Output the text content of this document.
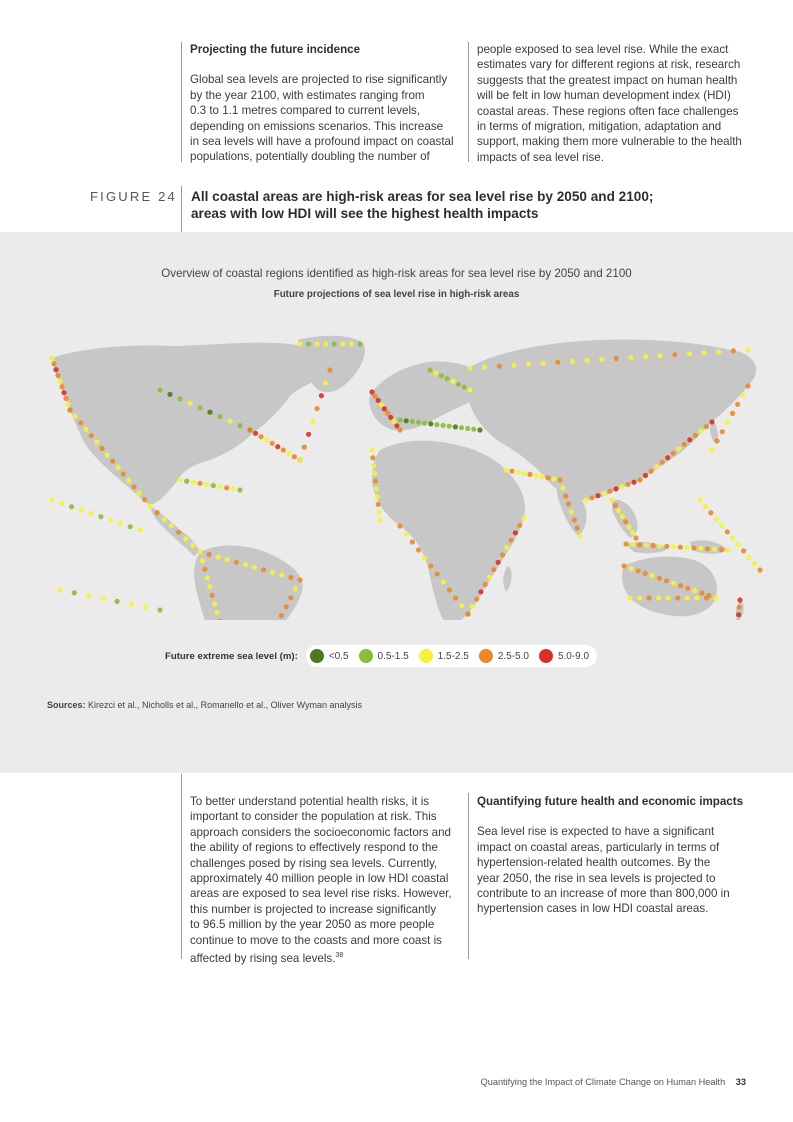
Projecting the future incidence

Global sea levels are projected to rise significantly
by the year 2100, with estimates ranging from
0.3 to 1.1 metres compared to current levels,
depending on emissions scenarios. This increase
in sea levels will have a profound impact on coastal
populations, potentially doubling the number of
people exposed to sea level rise. While the exact
estimates vary for different regions at risk, research
suggests that the greatest impact on human health
will be felt in low human development index (HDI)
coastal areas. These regions often face challenges
in terms of migration, mitigation, adaptation and
support, making them more vulnerable to the health
impacts of sea level rise.
FIGURE 24 All coastal areas are high-risk areas for sea level rise by 2050 and 2100;
areas with low HDI will see the highest health impacts
Overview of coastal regions identified as high-risk areas for sea level rise by 2050 and 2100
Future projections of sea level rise in high-risk areas
Future extreme sea level (m):	<0.5	0.5-1.5	1.5-2.5	2.5-5.0	5.0-9.0
Sources: Kirezci et al., Nicholls et al., Romanello et al., Oliver Wyman analysis
To better understand potential health risks, it is
important to consider the population at risk. This
approach considers the socioeconomic factors and
the ability of regions to effectively respond to the
challenges posed by rising sea levels. Currently,
approximately 40 million people in low HDI coastal
areas are exposed to sea level rise risks. However,
this number is projected to increase significantly
to 96.5 million by the year 2050 as more people
continue to move to the coasts and more coast is
affected by rising sea levels.$^{38}$

Quantifying future health and economic impacts

Sea level rise is expected to have a significant
impact on coastal areas, particularly in terms of
hypertension-related health outcomes. By the
year 2050, the rise in sea levels is projected to
contribute to an increase of more than 800,000 in
hypertension cases in low HDI coastal areas.
Quantifying the Impact of Climate Change on Human Health 33
